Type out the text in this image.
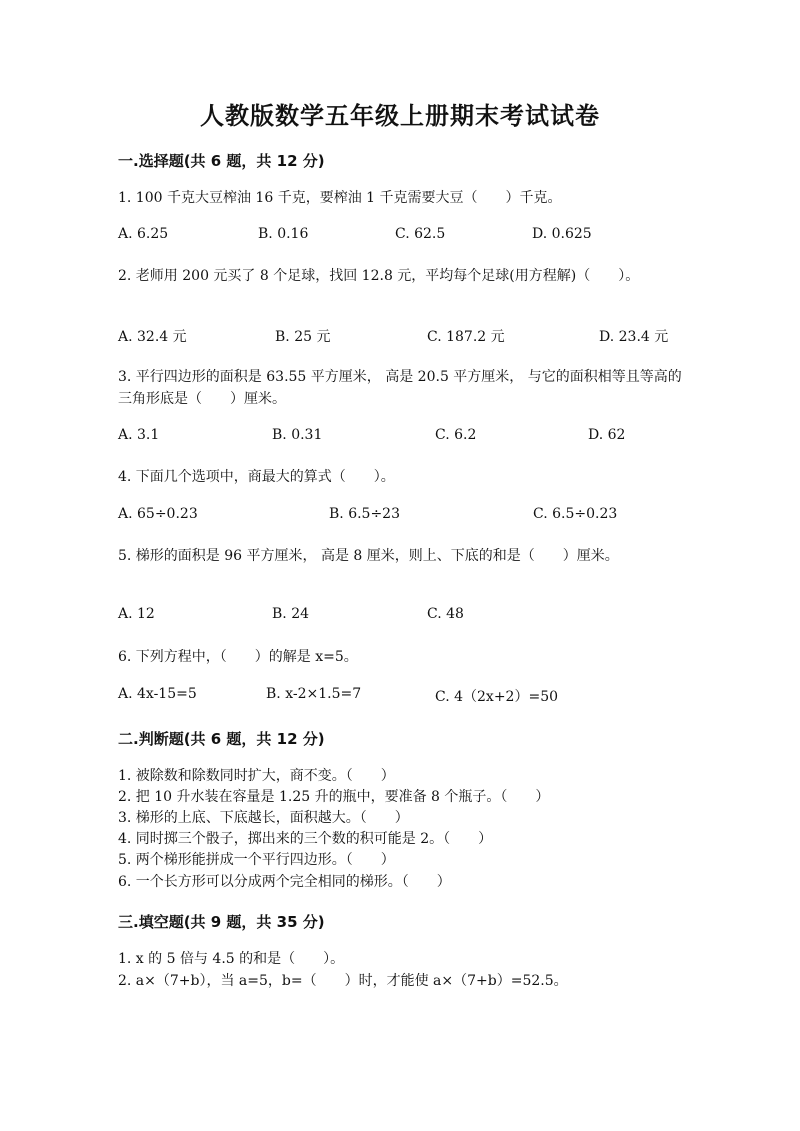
人教版数学五年级上册期末考试试卷
一.选择题(共 6 题，共 12 分)
1. 100 千克大豆榨油 16 千克，要榨油 1 千克需要大豆（　　）千克。
A. 6.25	B. 0.16	C. 62.5	D. 0.625
2. 老师用 200 元买了 8 个足球，找回 12.8 元，平均每个足球(用方程解)（　　）。
A. 32.4 元	B. 25 元	C. 187.2 元	D. 23.4 元
3. 平行四边形的面积是 63.55 平方厘米， 高是 20.5 平方厘米， 与它的面积相等且等高的三角形底是（　　）厘米。
A. 3.1	B. 0.31	C. 6.2	D. 62
4. 下面几个选项中，商最大的算式（　　）。
A. 65÷0.23	B. 6.5÷23	C. 6.5÷0.23
5. 梯形的面积是 96 平方厘米， 高是 8 厘米，则上、下底的和是（　　）厘米。
A. 12	B. 24	C. 48
6. 下列方程中，（　　）的解是 x=5。
A. 4x-15=5	B. x-2×1.5=7	C. 4（2x+2）=50
二.判断题(共 6 题，共 12 分)
1. 被除数和除数同时扩大，商不变。（　　）
2. 把 10 升水装在容量是 1.25 升的瓶中，要准备 8 个瓶子。（　　）
3. 梯形的上底、下底越长，面积越大。（　　）
4. 同时掷三个骰子，掷出来的三个数的积可能是 2。（　　）
5. 两个梯形能拼成一个平行四边形。（　　）
6. 一个长方形可以分成两个完全相同的梯形。（　　）
三.填空题(共 9 题，共 35 分)
1. x 的 5 倍与 4.5 的和是（　　）。
2. a×（7+b），当 a=5，b=（　　）时，才能使 a×（7+b）=52.5。
